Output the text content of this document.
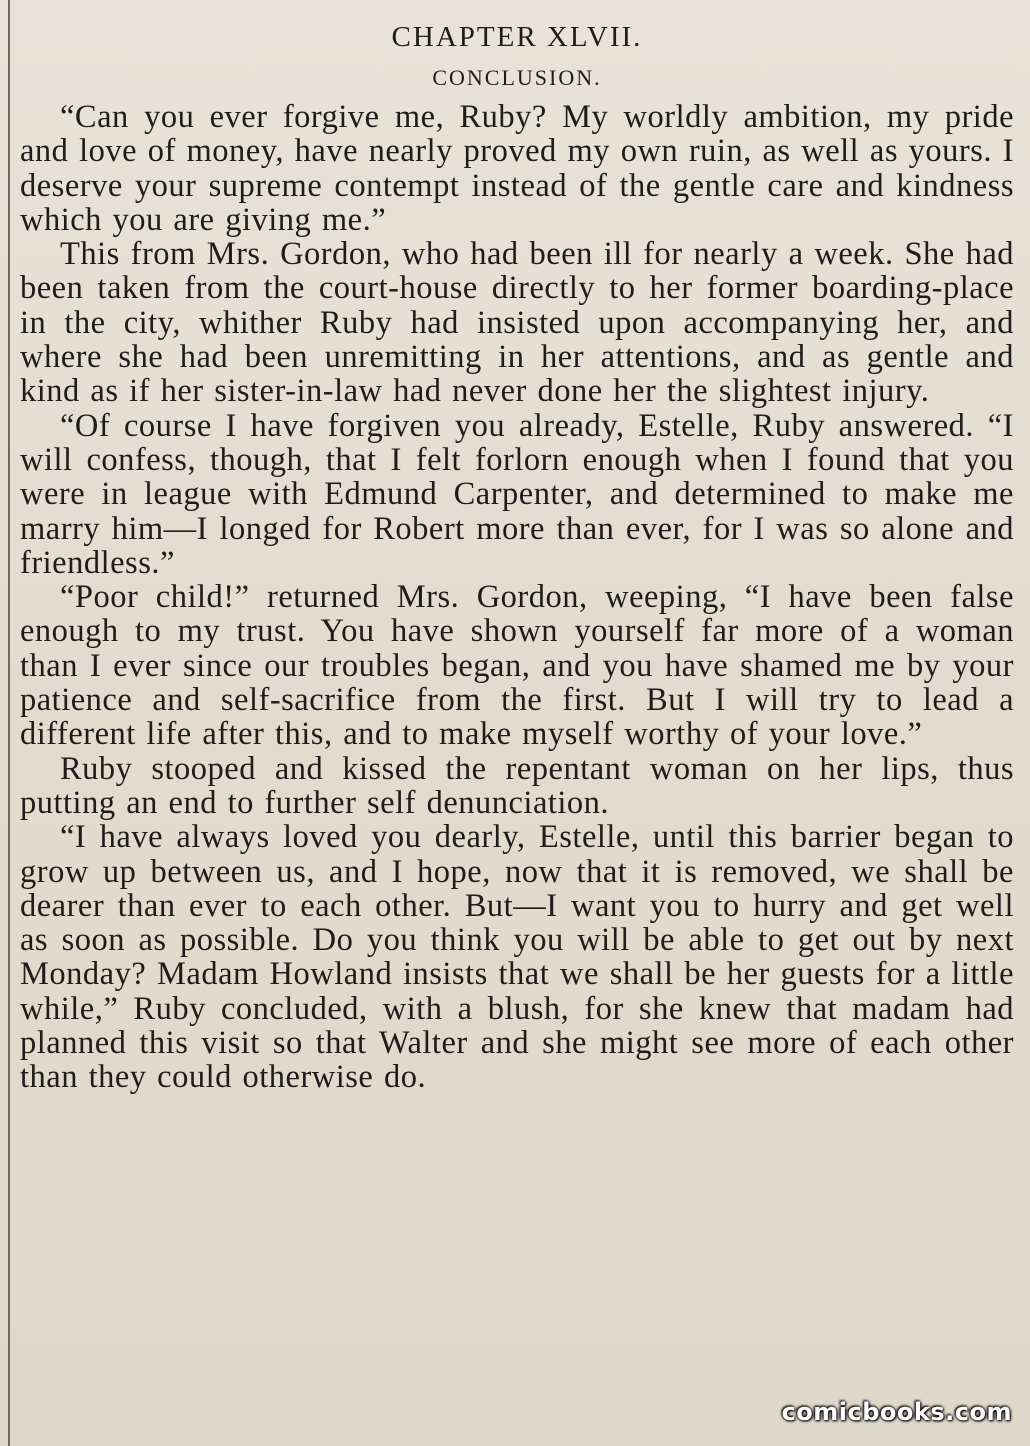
CHAPTER XLVII.
CONCLUSION.

“Can you ever forgive me, Ruby? My worldly ambition, my pride and love of money, have nearly proved my own ruin, as well as yours. I deserve your supreme contempt instead of the gentle care and kindness which you are giving me.”

This from Mrs. Gordon, who had been ill for nearly a week. She had been taken from the court-house directly to her former boarding-place in the city, whither Ruby had insisted upon accompanying her, and where she had been unremitting in her attentions, and as gentle and kind as if her sister-in-law had never done her the slightest injury.

“Of course I have forgiven you already, Estelle, Ruby answered. “I will confess, though, that I felt forlorn enough when I found that you were in league with Edmund Carpenter, and determined to make me marry him—I longed for Robert more than ever, for I was so alone and friendless.”

“Poor child!” returned Mrs. Gordon, weeping, “I have been false enough to my trust. You have shown yourself far more of a woman than I ever since our troubles began, and you have shamed me by your patience and self-sacrifice from the first. But I will try to lead a different life after this, and to make myself worthy of your love.”

Ruby stooped and kissed the repentant woman on her lips, thus putting an end to further self denunciation.

“I have always loved you dearly, Estelle, until this barrier began to grow up between us, and I hope, now that it is removed, we shall be dearer than ever to each other. But—I want you to hurry and get well as soon as possible. Do you think you will be able to get out by next Monday? Madam Howland insists that we shall be her guests for a little while,” Ruby concluded, with a blush, for she knew that madam had planned this visit so that Walter and she might see more of each other than they could otherwise do.

comicbooks.com
